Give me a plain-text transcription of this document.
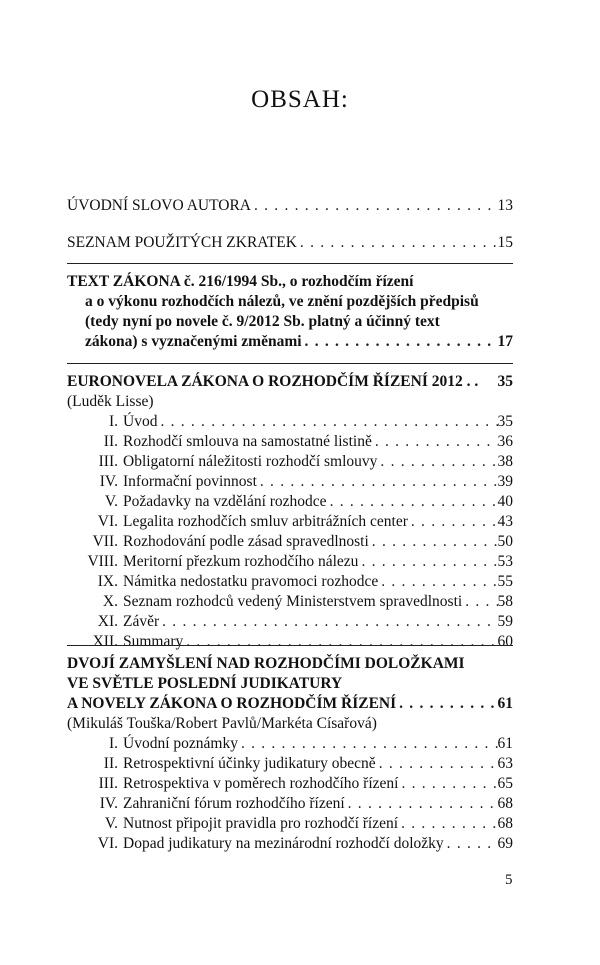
OBSAH:
ÚVODNÍ SLOVO AUTORA . . .	13
SEZNAM POUŽITÝCH ZKRATEK . . .	15
TEXT ZÁKONA č. 216/1994 Sb., o rozhodčím řízení
a o výkonu rozhodčích nálezů, ve znění pozdějších předpisů
(tedy nyní po novele č. 9/2012 Sb. platný a účinný text
zákona) s vyznačenými změnami . . .	17
EURONOVELA ZÁKONA O ROZHODČÍM ŘÍZENÍ 2012 . . 35
(Luděk Lisse)
I. Úvod . . .	35
II. Rozhodčí smlouva na samostatné listině . . .	36
III. Obligatorní náležitosti rozhodčí smlouvy . . .	38
IV. Informační povinnost . . .	39
V. Požadavky na vzdělání rozhodce . . .	40
VI. Legalita rozhodčích smluv arbitrážních center . . .	43
VII. Rozhodování podle zásad spravedlnosti . . .	50
VIII. Meritorní přezkum rozhodčího nálezu . . .	53
IX. Námitka nedostatku pravomoci rozhodce . . .	55
X. Seznam rozhodců vedený Ministerstvem spravedlnosti . . . 58
XI. Závěr . . .	59
XII. Summary . . .	60
DVOJÍ ZAMYŠLENÍ NAD ROZHODČÍMI DOLOŽKAMI
VE SVĚTLE POSLEDNÍ JUDIKATURY
A NOVELY ZÁKONA O ROZHODČÍM ŘÍZENÍ . . .	61
(Mikuláš Touška/Robert Pavlů/Markéta Císařová)
I. Úvodní poznámky . . .	61
II. Retrospektivní účinky judikatury obecně . . .	63
III. Retrospektiva v poměrech rozhodčího řízení . . .	65
IV. Zahraniční fórum rozhodčího řízení . . .	68
V. Nutnost připojit pravidla pro rozhodčí řízení . . .	68
VI. Dopad judikatury na mezinárodní rozhodčí doložky . . .	69
5
